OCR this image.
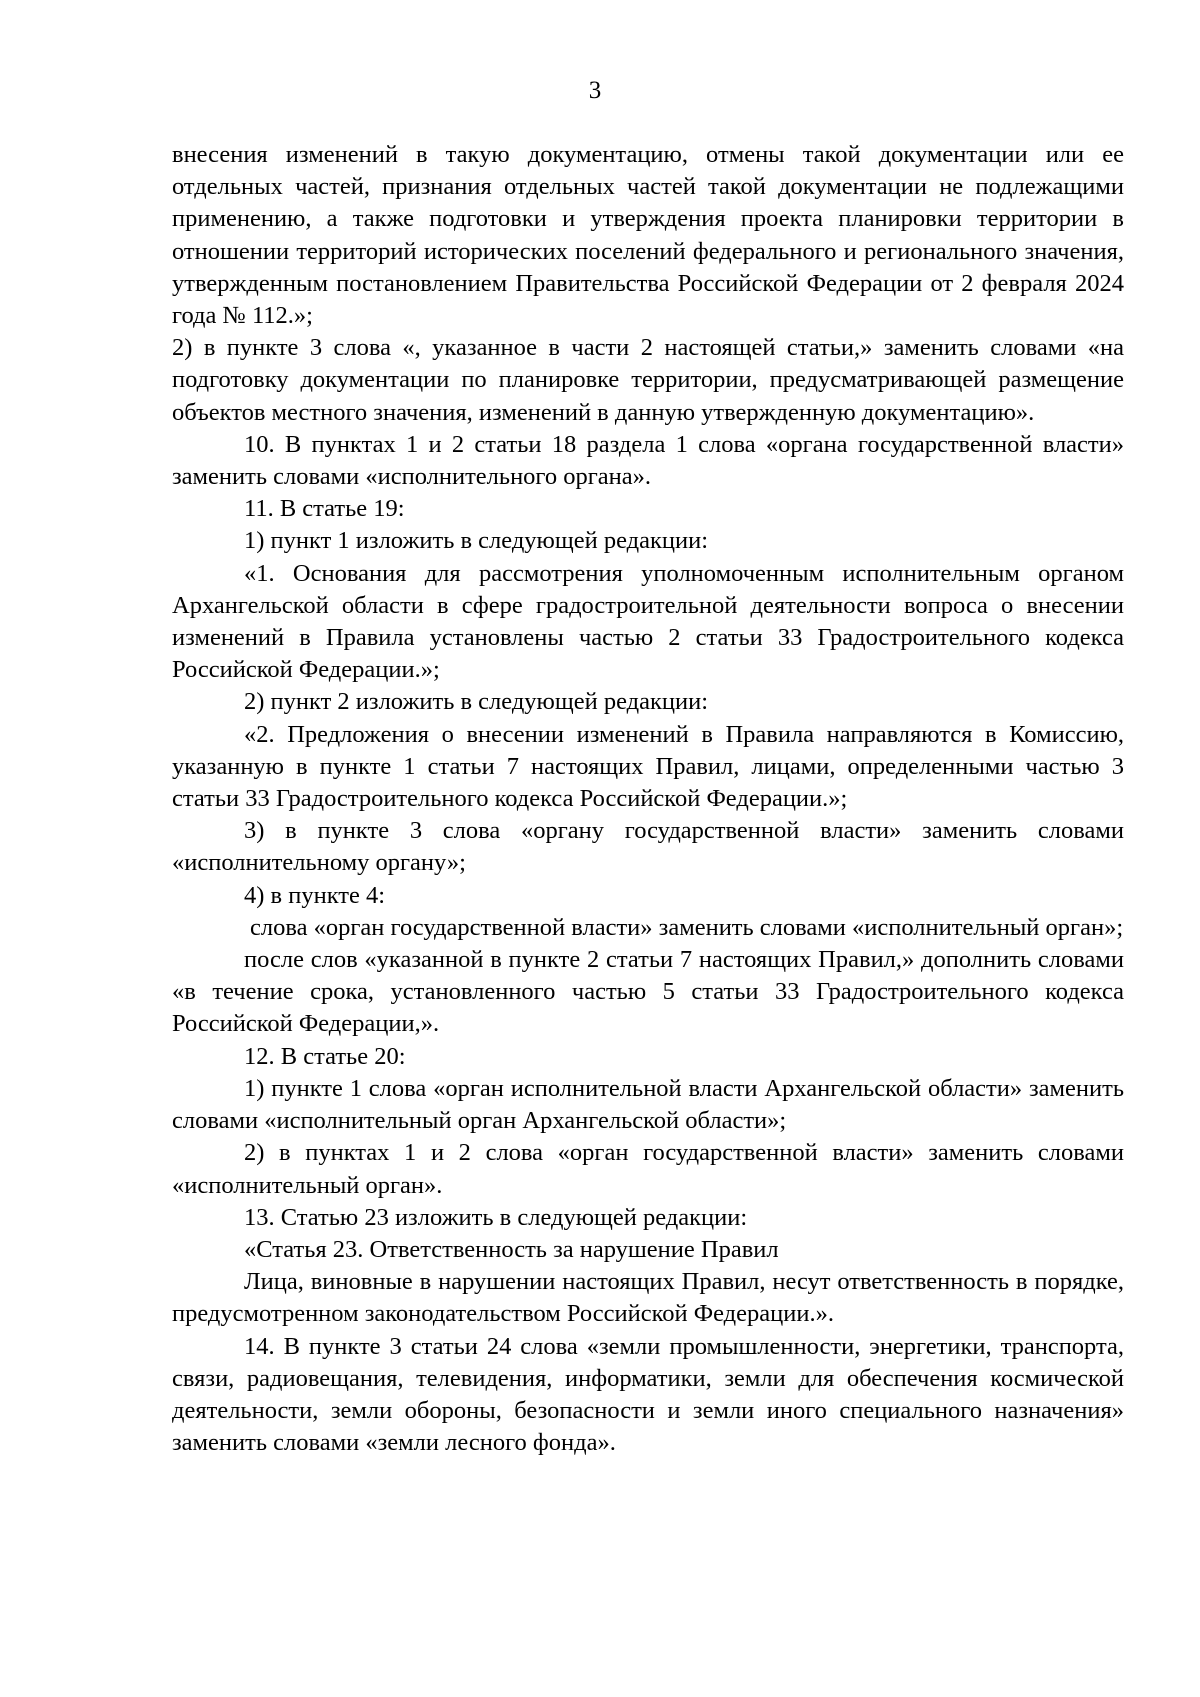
3

внесения изменений в такую документацию, отмены такой документации или ее отдельных частей, признания отдельных частей такой документации не подлежащими применению, а также подготовки и утверждения проекта планировки территории в отношении территорий исторических поселений федерального и регионального значения, утвержденным постановлением Правительства Российской Федерации от 2 февраля 2024 года № 112.»;

2) в пункте 3 слова «, указанное в части 2 настоящей статьи,» заменить словами «на подготовку документации по планировке территории, предусматривающей размещение объектов местного значения, изменений в данную утвержденную документацию».

10. В пунктах 1 и 2 статьи 18 раздела 1 слова «органа государственной власти» заменить словами «исполнительного органа».

11. В статье 19:

1) пункт 1 изложить в следующей редакции:

«1. Основания для рассмотрения уполномоченным исполнительным органом Архангельской области в сфере градостроительной деятельности вопроса о внесении изменений в Правила установлены частью 2 статьи 33 Градостроительного кодекса Российской Федерации.»;

2) пункт 2 изложить в следующей редакции:

«2. Предложения о внесении изменений в Правила направляются в Комиссию, указанную в пункте 1 статьи 7 настоящих Правил, лицами, определенными частью 3 статьи 33 Градостроительного кодекса Российской Федерации.»;

3) в пункте 3 слова «органу государственной власти» заменить словами «исполнительному органу»;

4) в пункте 4:

слова «орган государственной власти» заменить словами «исполнительный орган»;

после слов «указанной в пункте 2 статьи 7 настоящих Правил,» дополнить словами «в течение срока, установленного частью 5 статьи 33 Градостроительного кодекса Российской Федерации,».

12. В статье 20:

1) пункте 1 слова «орган исполнительной власти Архангельской области» заменить словами «исполнительный орган Архангельской области»;

2) в пунктах 1 и 2 слова «орган государственной власти» заменить словами «исполнительный орган».

13. Статью 23 изложить в следующей редакции:

«Статья 23. Ответственность за нарушение Правил

Лица, виновные в нарушении настоящих Правил, несут ответственность в порядке, предусмотренном законодательством Российской Федерации.».

14. В пункте 3 статьи 24 слова «земли промышленности, энергетики, транспорта, связи, радиовещания, телевидения, информатики, земли для обеспечения космической деятельности, земли обороны, безопасности и земли иного специального назначения» заменить словами «земли лесного фонда».
